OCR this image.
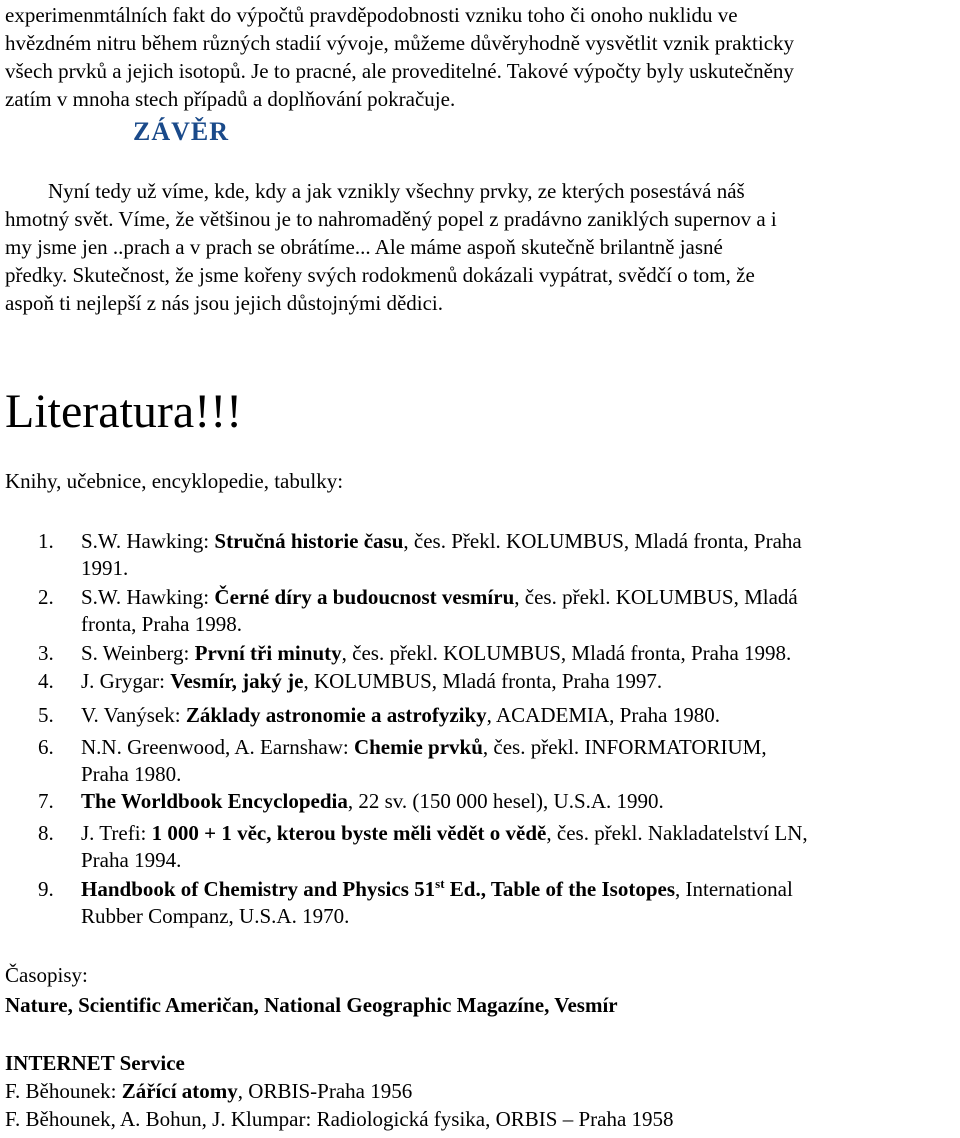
experimenmtálních fakt do výpočtů pravděpodobnosti vzniku toho či onoho nuklidu ve
hvězdném nitru během různých stadií vývoje, můžeme důvěryhodně vysvětlit vznik prakticky
všech prvků a jejich isotopů. Je to pracné, ale proveditelné. Takové výpočty byly uskutečněny
zatím v mnoha stech případů a doplňování pokračuje.
ZÁVĚR
Nyní tedy už víme, kde, kdy a jak vznikly všechny prvky, ze kterých posestává náš
hmotný svět. Víme, že většinou je to nahromaděný popel z pradávno zaniklých supernov a i
my jsme jen ..prach a v prach se obrátíme... Ale máme aspoň skutečně brilantně jasné
předky. Skutečnost, že jsme kořeny svých rodokmenů dokázali vypátrat, svědčí o tom, že
aspoň ti nejlepší z nás jsou jejich důstojnými dědici.
Literatura!!!
Knihy, učebnice, encyklopedie, tabulky:
1. S.W. Hawking: Stručná historie času, čes. Překl. KOLUMBUS, Mladá fronta, Praha
1991.
2. S.W. Hawking: Černé díry a budoucnost vesmíru, čes. překl. KOLUMBUS, Mladá
fronta, Praha 1998.
3. S. Weinberg: První tři minuty, čes. překl. KOLUMBUS, Mladá fronta, Praha 1998.
4. J. Grygar: Vesmír, jaký je, KOLUMBUS, Mladá fronta, Praha 1997.
5. V. Vanýsek: Základy astronomie a astrofyziky, ACADEMIA, Praha 1980.
6. N.N. Greenwood, A. Earnshaw: Chemie prvků, čes. překl. INFORMATORIUM,
Praha 1980.
7. The Worldbook Encyclopedia, 22 sv. (150 000 hesel), U.S.A. 1990.
8. J. Trefi: 1 000 + 1 věc, kterou byste měli vědět o vědě, čes. překl. Nakladatelství LN,
Praha 1994.
9. Handbook of Chemistry and Physics 51st Ed., Table of the Isotopes, International
Rubber Companz, U.S.A. 1970.
Časopisy:
Nature, Scientific Američan, National Geographic Magazíne, Vesmír
INTERNET Service
F. Běhounek: Zářící atomy, ORBIS-Praha 1956
F. Běhounek, A. Bohun, J. Klumpar: Radiologická fysika, ORBIS – Praha 1958
